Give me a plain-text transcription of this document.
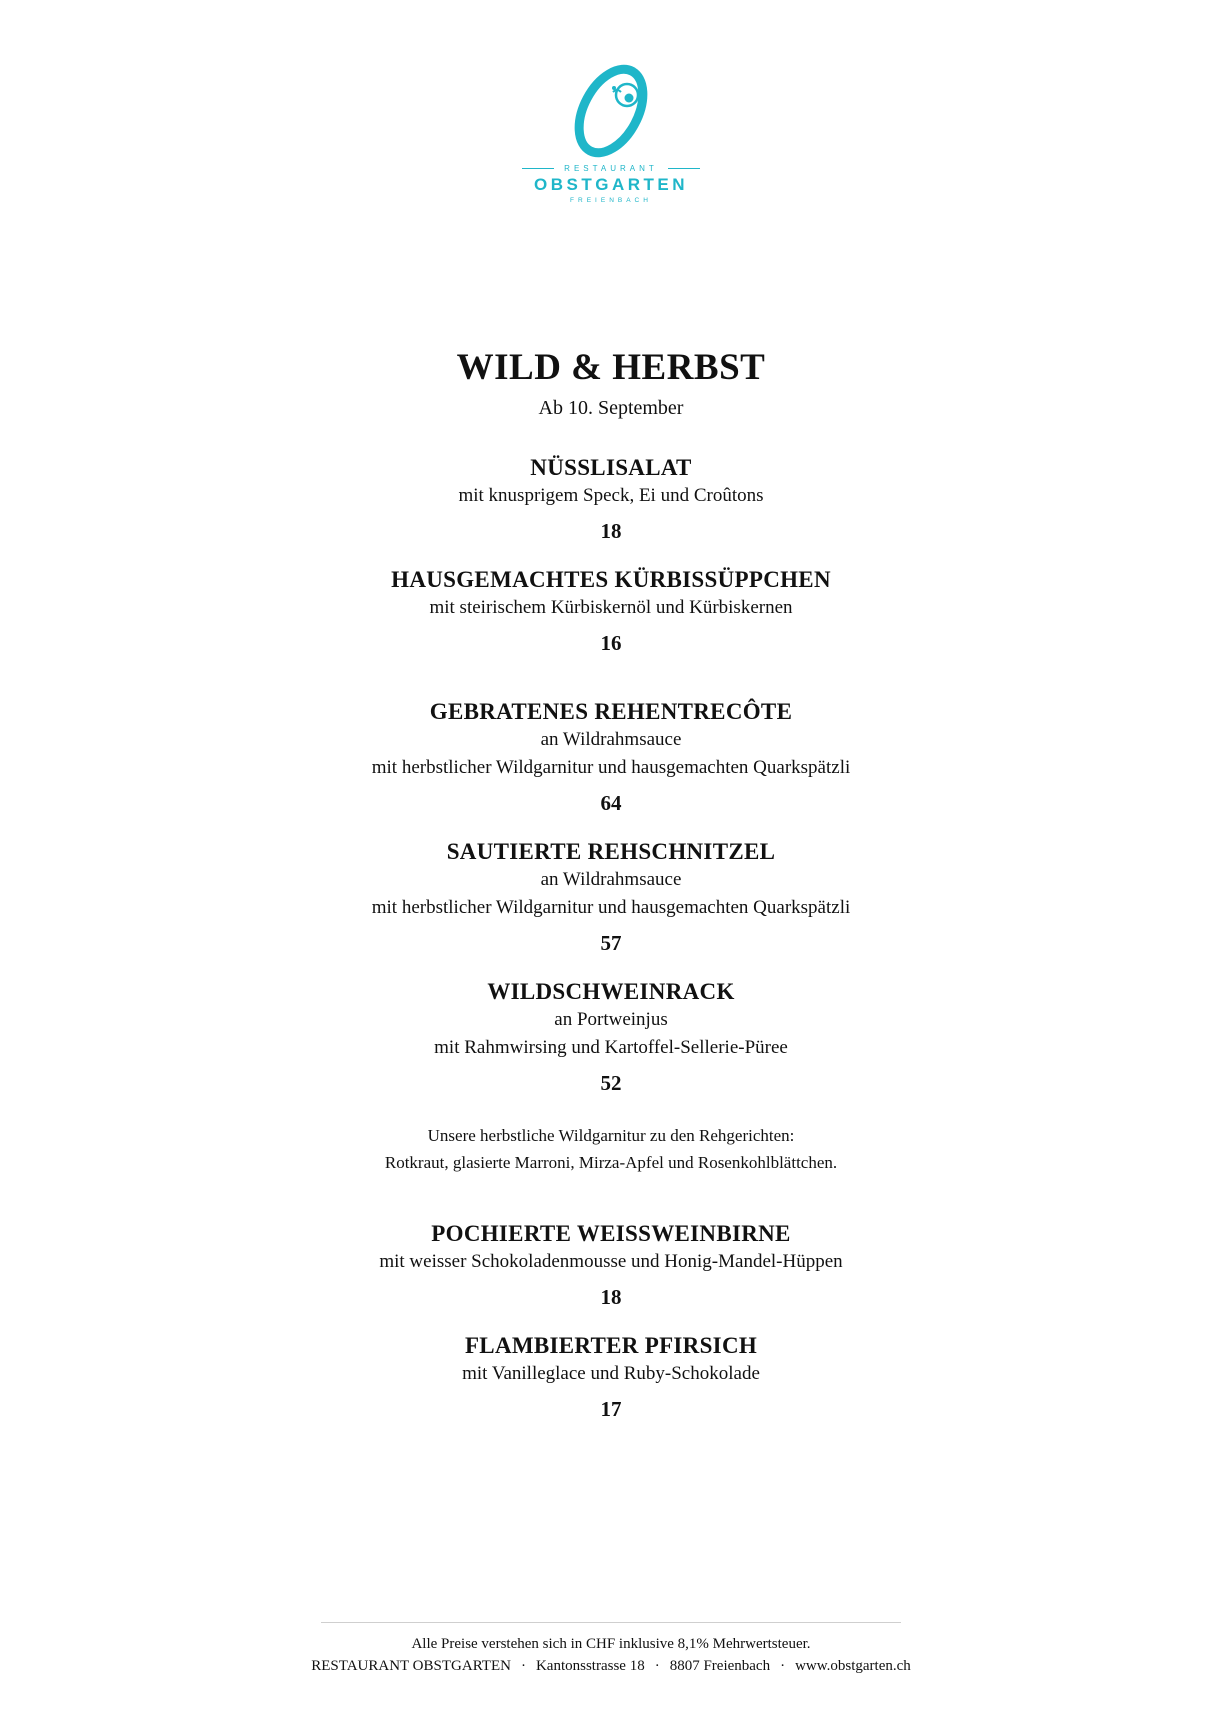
RESTAURANT
OBSTGARTEN
FREIENBACH
WILD & HERBST

Ab 10. September

NÜSSLISALAT
mit knusprigem Speck, Ei und Croûtons
18
HAUSGEMACHTES KÜRBISSÜPPCHEN
mit steirischem Kürbiskernöl und Kürbiskernen
16
GEBRATENES REHENTRECÔTE
an Wildrahmsauce
mit herbstlicher Wildgarnitur und hausgemachten Quarkspätzli
64
SAUTIERTE REHSCHNITZEL
an Wildrahmsauce
mit herbstlicher Wildgarnitur und hausgemachten Quarkspätzli
57
WILDSCHWEINRACK
an Portweinjus
mit Rahmwirsing und Kartoffel-Sellerie-Püree
52
Unsere herbstliche Wildgarnitur zu den Rehgerichten:
Rotkraut, glasierte Marroni, Mirza-Apfel und Rosenkohlblättchen.
POCHIERTE WEISSWEINBIRNE
mit weisser Schokoladenmousse und Honig-Mandel-Hüppen
18
FLAMBIERTER PFIRSICH
mit Vanilleglace und Ruby-Schokolade
17
Alle Preise verstehen sich in CHF inklusive 8,1% Mehrwertsteuer.
RESTAURANT OBSTGARTEN · Kantonsstrasse 18 · 8807 Freienbach · www.obstgarten.ch
